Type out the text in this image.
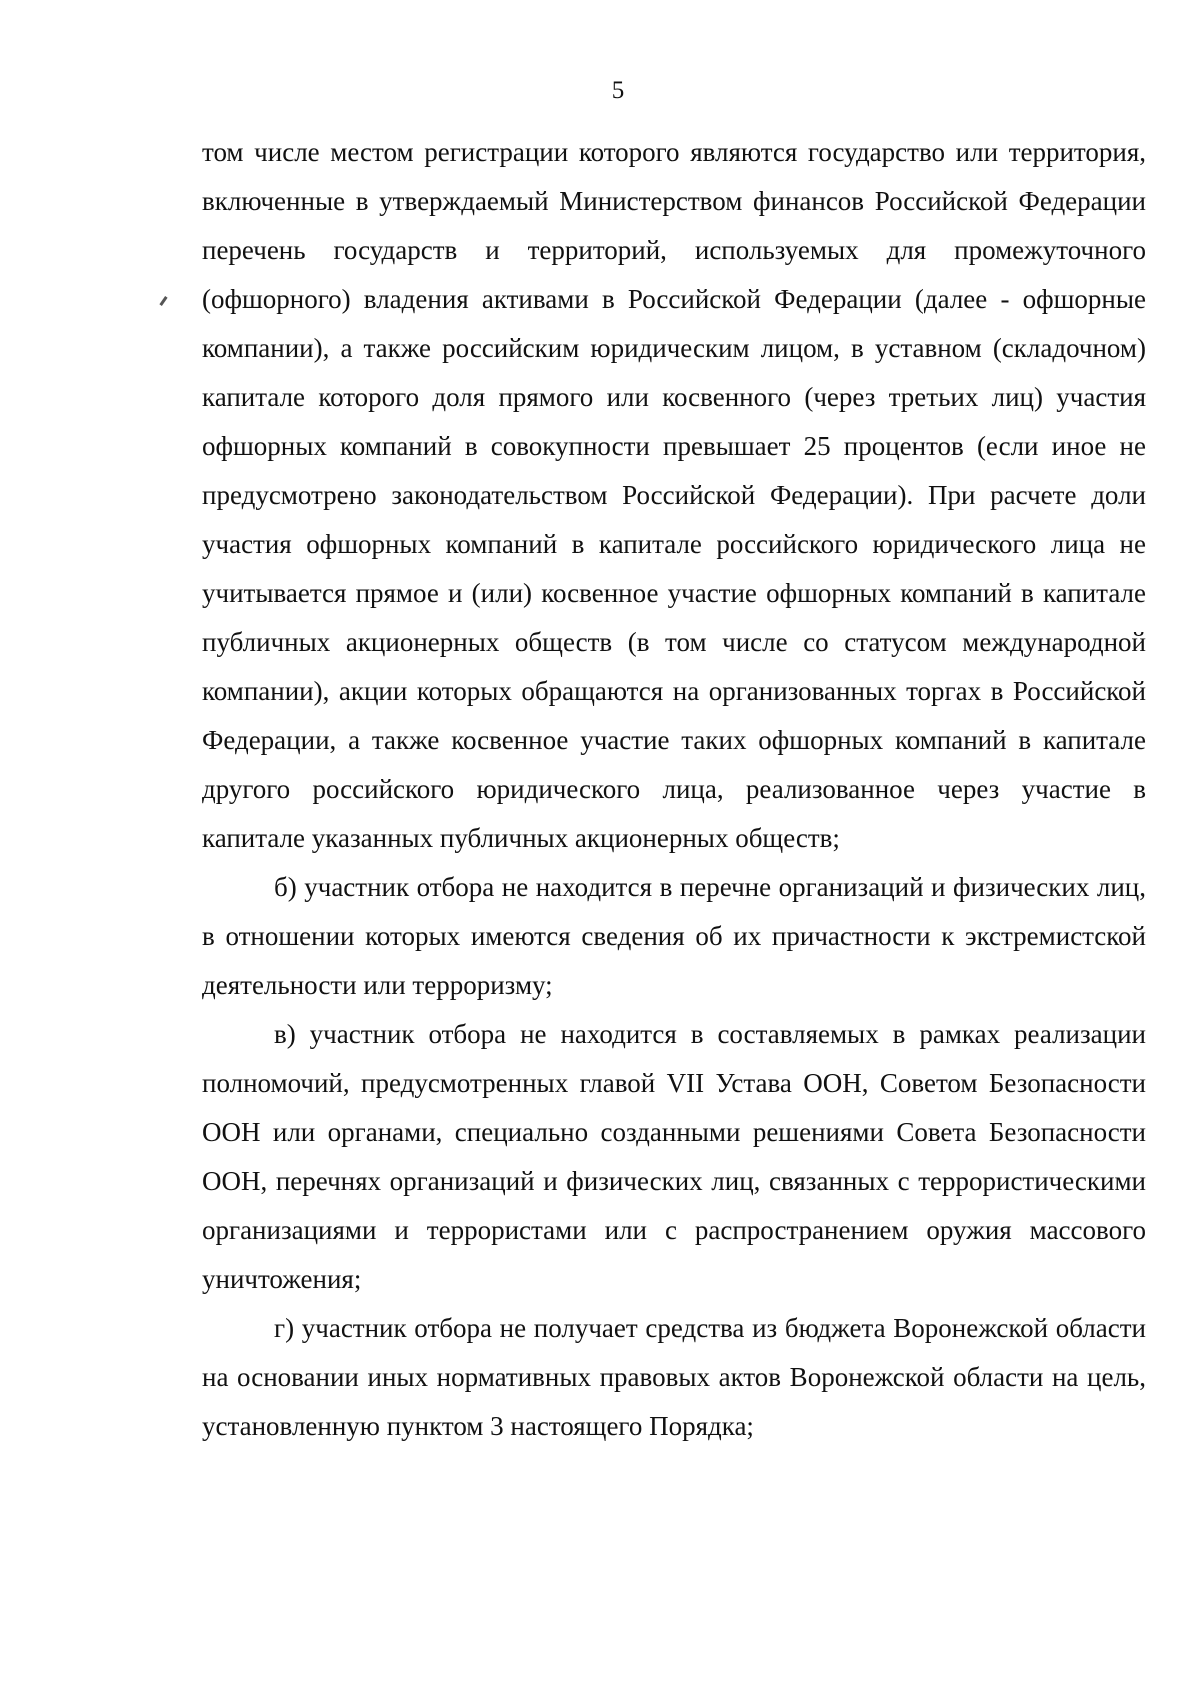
5

том числе местом регистрации которого являются государство или территория, включенные в утверждаемый Министерством финансов Российской Федерации перечень государств и территорий, используемых для промежуточного (офшорного) владения активами в Российской Федерации (далее - офшорные компании), а также российским юридическим лицом, в уставном (складочном) капитале которого доля прямого или косвенного (через третьих лиц) участия офшорных компаний в совокупности превышает 25 процентов (если иное не предусмотрено законодательством Российской Федерации). При расчете доли участия офшорных компаний в капитале российского юридического лица не учитывается прямое и (или) косвенное участие офшорных компаний в капитале публичных акционерных обществ (в том числе со статусом международной компании), акции которых обращаются на организованных торгах в Российской Федерации, а также косвенное участие таких офшорных компаний в капитале другого российского юридического лица, реализованное через участие в капитале указанных публичных акционерных обществ;

б) участник отбора не находится в перечне организаций и физических лиц, в отношении которых имеются сведения об их причастности к экстремистской деятельности или терроризму;

в) участник отбора не находится в составляемых в рамках реализации полномочий, предусмотренных главой VII Устава ООН, Советом Безопасности ООН или органами, специально созданными решениями Совета Безопасности ООН, перечнях организаций и физических лиц, связанных с террористическими организациями и террористами или с распространением оружия массового уничтожения;

г) участник отбора не получает средства из бюджета Воронежской области на основании иных нормативных правовых актов Воронежской области на цель, установленную пунктом 3 настоящего Порядка;
